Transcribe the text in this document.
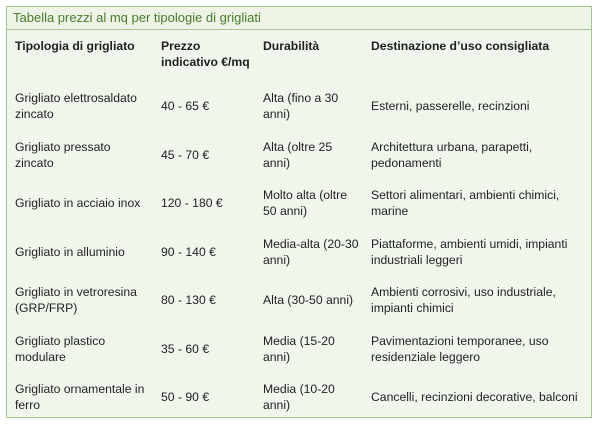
Tabella prezzi al mq per tipologie di grigliati
Tipologia di grigliato	Prezzo indicativo €/mq	Durabilità	Destinazione d’uso consigliata
Grigliato elettrosaldato zincato	40 - 65 €	Alta (fino a 30 anni)	Esterni, passerelle, recinzioni
Grigliato pressato zincato	45 - 70 €	Alta (oltre 25 anni)	Architettura urbana, parapetti, pedonamenti
Grigliato in acciaio inox	120 - 180 €	Molto alta (oltre 50 anni)	Settori alimentari, ambienti chimici, marine
Grigliato in alluminio	90 - 140 €	Media-alta (20-30 anni)	Piattaforme, ambienti umidi, impianti industriali leggeri
Grigliato in vetroresina (GRP/FRP)	80 - 130 €	Alta (30-50 anni)	Ambienti corrosivi, uso industriale, impianti chimici
Grigliato plastico modulare	35 - 60 €	Media (15-20 anni)	Pavimentazioni temporanee, uso residenziale leggero
Grigliato ornamentale in ferro	50 - 90 €	Media (10-20 anni)	Cancelli, recinzioni decorative, balconi
